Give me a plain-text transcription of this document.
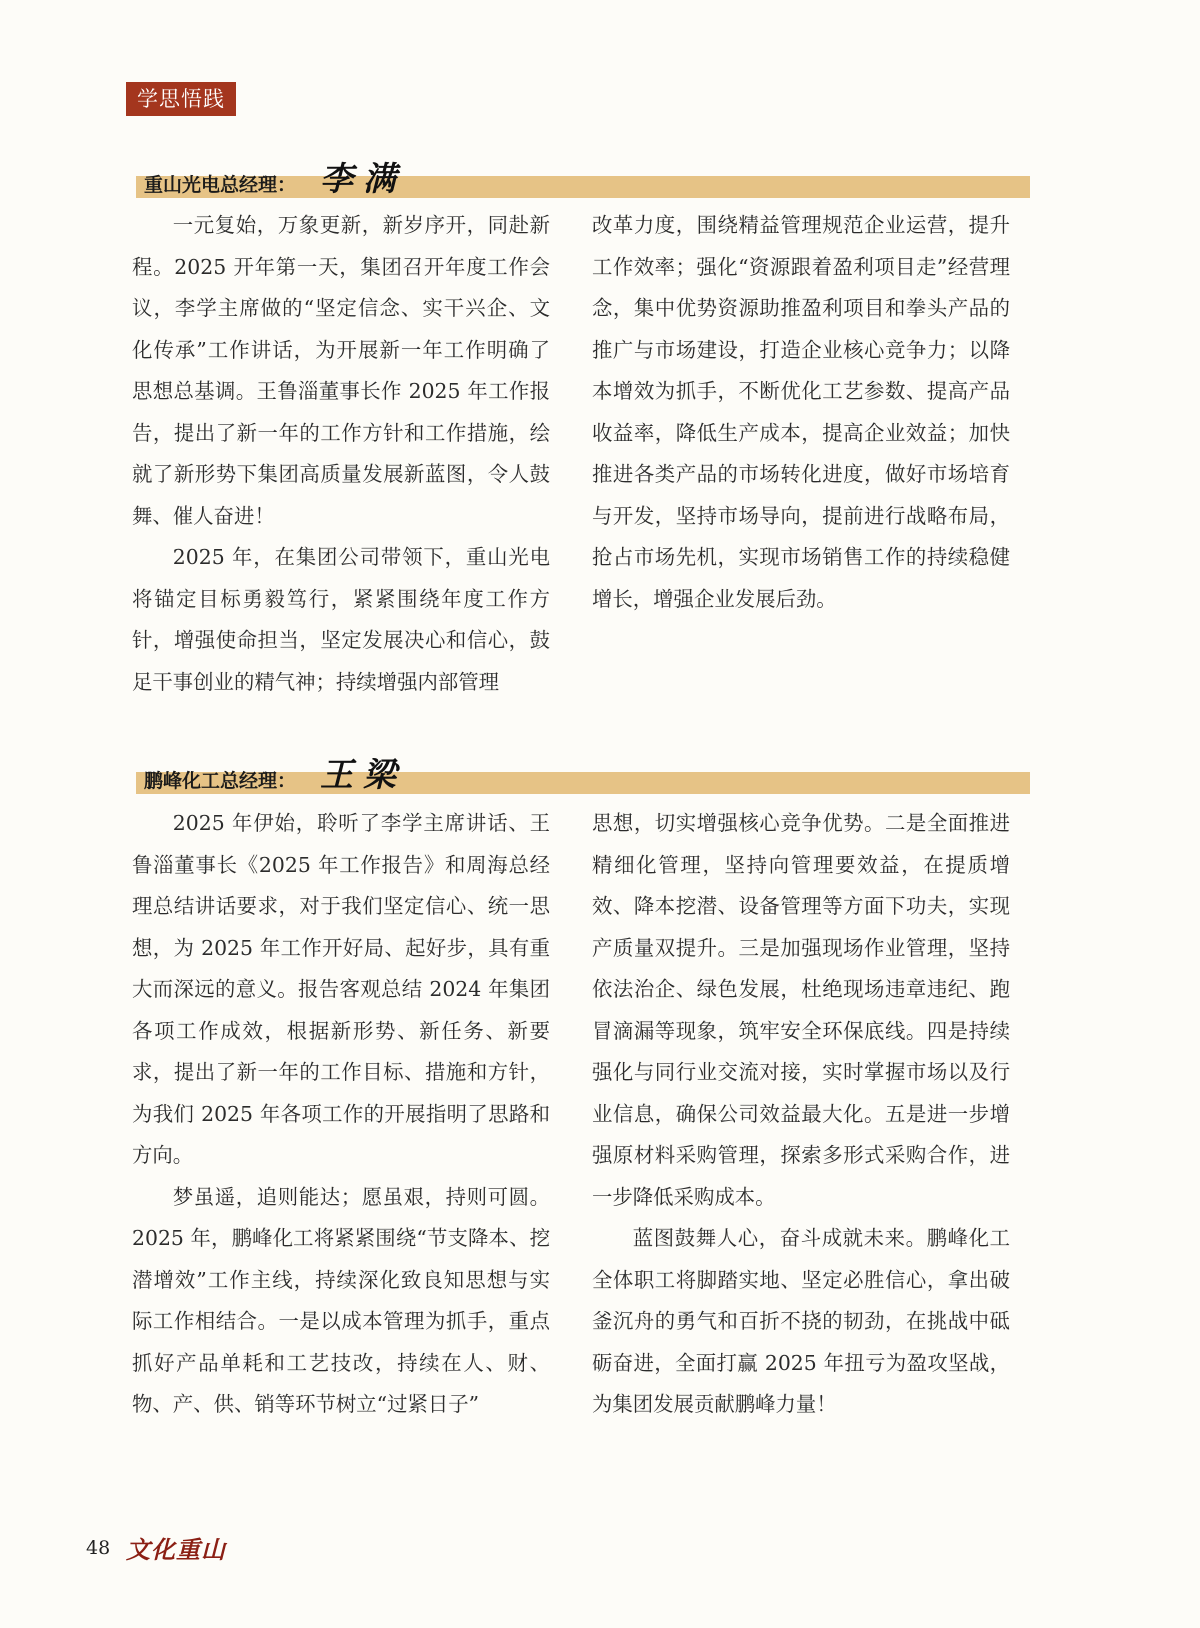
学思悟践
重山光电总经理： 李满

一元复始，万象更新，新岁序开，同赴新程。2025 开年第一天，集团召开年度工作会议，李学主席做的“坚定信念、实干兴企、文化传承”工作讲话，为开展新一年工作明确了思想总基调。王鲁淄董事长作 2025 年工作报告，提出了新一年的工作方针和工作措施，绘就了新形势下集团高质量发展新蓝图，令人鼓舞、催人奋进！

2025 年，在集团公司带领下，重山光电将锚定目标勇毅笃行，紧紧围绕年度工作方针，增强使命担当，坚定发展决心和信心，鼓足干事创业的精气神；持续增强内部管理

改革力度，围绕精益管理规范企业运营，提升工作效率；强化“资源跟着盈利项目走”经营理念，集中优势资源助推盈利项目和拳头产品的推广与市场建设，打造企业核心竞争力；以降本增效为抓手，不断优化工艺参数、提高产品收益率，降低生产成本，提高企业效益；加快推进各类产品的市场转化进度，做好市场培育与开发，坚持市场导向，提前进行战略布局，抢占市场先机，实现市场销售工作的持续稳健增长，增强企业发展后劲。

鹏峰化工总经理： 王梁

2025 年伊始，聆听了李学主席讲话、王鲁淄董事长《2025 年工作报告》和周海总经理总结讲话要求，对于我们坚定信心、统一思想，为 2025 年工作开好局、起好步，具有重大而深远的意义。报告客观总结 2024 年集团各项工作成效，根据新形势、新任务、新要求，提出了新一年的工作目标、措施和方针，为我们 2025 年各项工作的开展指明了思路和方向。

梦虽遥，追则能达；愿虽艰，持则可圆。2025 年，鹏峰化工将紧紧围绕“节支降本、挖潜增效”工作主线，持续深化致良知思想与实际工作相结合。一是以成本管理为抓手，重点抓好产品单耗和工艺技改，持续在人、财、物、产、供、销等环节树立“过紧日子”

思想，切实增强核心竞争优势。二是全面推进精细化管理，坚持向管理要效益，在提质增效、降本挖潜、设备管理等方面下功夫，实现产质量双提升。三是加强现场作业管理，坚持依法治企、绿色发展，杜绝现场违章违纪、跑冒滴漏等现象，筑牢安全环保底线。四是持续强化与同行业交流对接，实时掌握市场以及行业信息，确保公司效益最大化。五是进一步增强原材料采购管理，探索多形式采购合作，进一步降低采购成本。

蓝图鼓舞人心，奋斗成就未来。鹏峰化工全体职工将脚踏实地、坚定必胜信心，拿出破釜沉舟的勇气和百折不挠的韧劲，在挑战中砥砺奋进，全面打赢 2025 年扭亏为盈攻坚战，为集团发展贡献鹏峰力量！

48 文化重山
